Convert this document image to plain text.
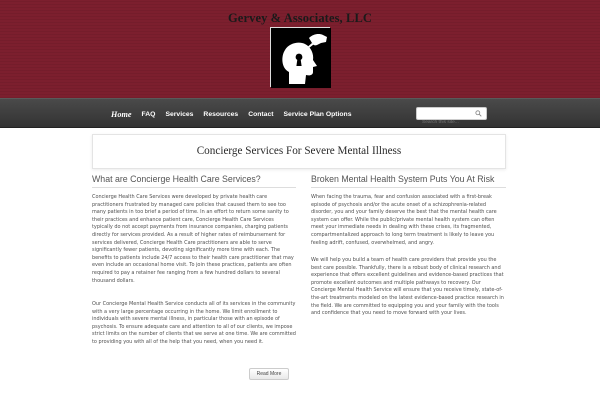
Gervey & Associates, LLC
Home FAQ Services Resources Contact Service Plan Options
Search this site...
Concierge Services For Severe Mental Illness
What are Concierge Health Care Services?
Concierge Health Care Services were developed by private health care practitioners frustrated by managed care policies that caused them to see too many patients in too brief a period of time. In an effort to return some sanity to their practices and enhance patient care, Concierge Health Care Services typically do not accept payments from insurance companies, charging patients directly for services provided. As a result of higher rates of reimbursement for services delivered, Concierge Health Care practitioners are able to serve significantly fewer patients, devoting significantly more time with each. The benefits to patients include 24/7 access to their health care practitioner that may even include an occasional home visit. To join these practices, patients are often required to pay a retainer fee ranging from a few hundred dollars to several thousand dollars.
Our Concierge Mental Health Service conducts all of its services in the community with a very large percentage occurring in the home. We limit enrollment to individuals with severe mental illness, in particular those with an episode of psychosis. To ensure adequate care and attention to all of our clients, we impose strict limits on the number of clients that we serve at one time. We are committed to providing you with all of the help that you need, when you need it.
Read More
Broken Mental Health System Puts You At Risk
When facing the trauma, fear and confusion associated with a first-break episode of psychosis and/or the acute onset of a schizophrenia-related disorder, you and your family deserve the best that the mental health care system can offer. While the public/private mental health system can often meet your immediate needs in dealing with these crises, its fragmented, compartmentalized approach to long term treatment is likely to leave you feeling adrift, confused, overwhelmed, and angry.
We will help you build a team of health care providers that provide you the best care possible. Thankfully, there is a robust body of clinical research and experience that offers excellent guidelines and evidence-based practices that promote excellent outcomes and multiple pathways to recovery. Our Concierge Mental Health Service will ensure that you receive timely, state-of-the-art treatments modeled on the latest evidence-based practice research in the field. We are committed to equipping you and your family with the tools and confidence that you need to move forward with your lives.
